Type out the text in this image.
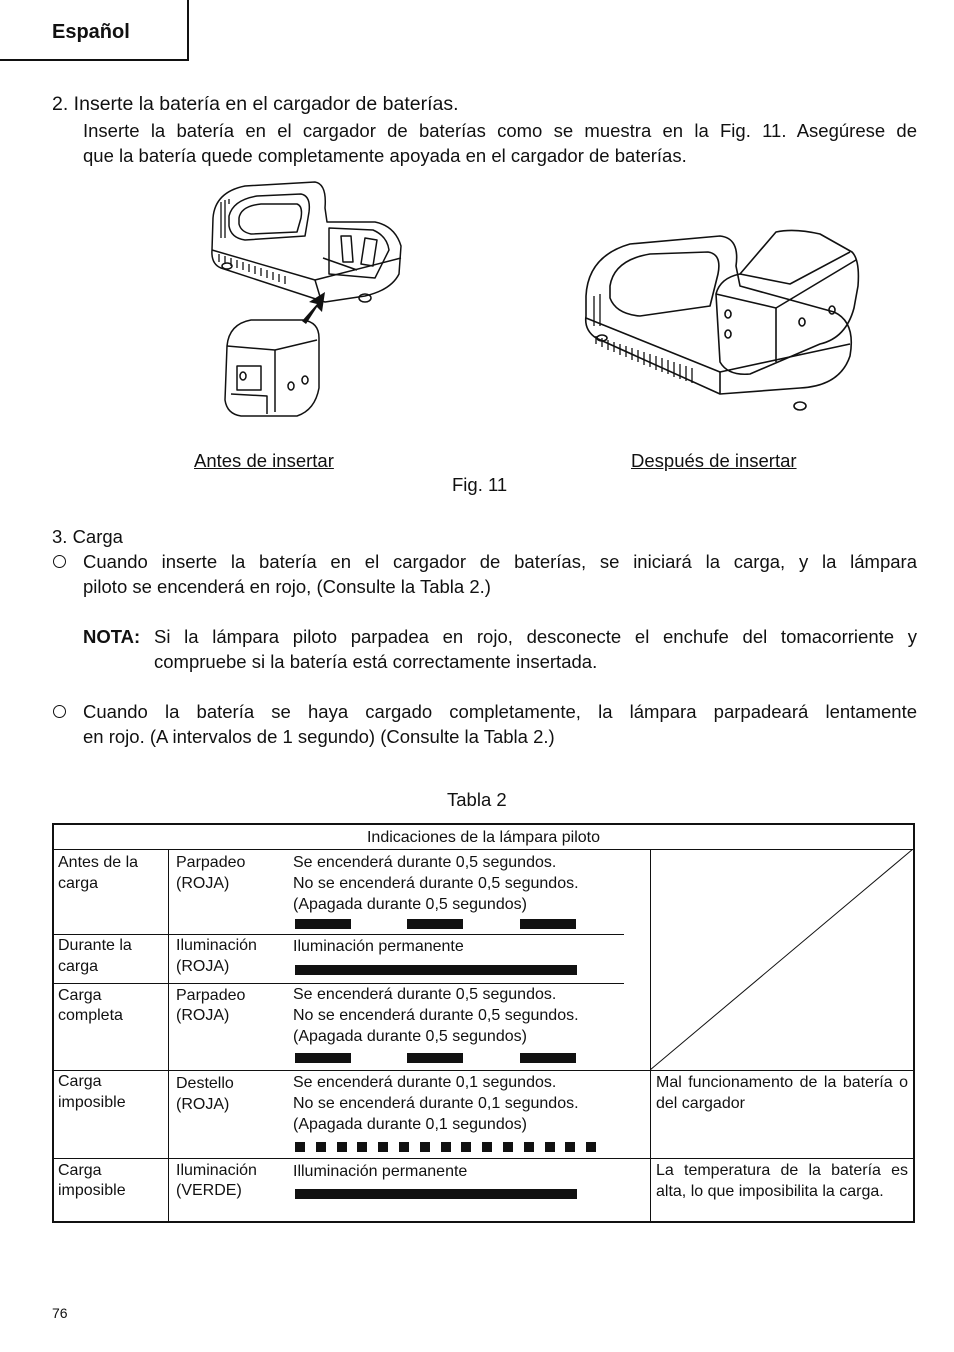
Español
2. Inserte la batería en el cargador de baterías.
Inserte la batería en el cargador de baterías como se muestra en la Fig. 11. Asegúrese de
que la batería quede completamente apoyada en el cargador de baterías.
Antes de insertar	Después de insertar
Fig. 11
3. Carga
Cuando inserte la batería en el cargador de baterías, se iniciará la carga, y la lámpara
piloto se encenderá en rojo, (Consulte la Tabla 2.)
NOTA: Si la lámpara piloto parpadea en rojo, desconecte el enchufe del tomacorriente y
compruebe si la batería está correctamente insertada.
Cuando la batería se haya cargado completamente, la lámpara parpadeará lentamente
en rojo. (A intervalos de 1 segundo) (Consulte la Tabla 2.)
Tabla 2
Indicaciones de la lámpara piloto
Antes de la
carga
Parpadeo
(ROJA)
Se encenderá durante 0,5 segundos.
No se encenderá durante 0,5 segundos.
(Apagada durante 0,5 segundos)
Durante la
carga
Iluminación
(ROJA)
Iluminación permanente
Carga
completa
Parpadeo
(ROJA)
Se encenderá durante 0,5 segundos.
No se encenderá durante 0,5 segundos.
(Apagada durante 0,5 segundos)
Carga
imposible
Destello
(ROJA)
Se encenderá durante 0,1 segundos.
No se encenderá durante 0,1 segundos.
(Apagada durante 0,1 segundos)
Mal funcionamento de la batería o del cargador
Carga
imposible
Iluminación
(VERDE)
Illuminación permanente	La temperatura de la batería es alta, lo que imposibilita la carga.
76
